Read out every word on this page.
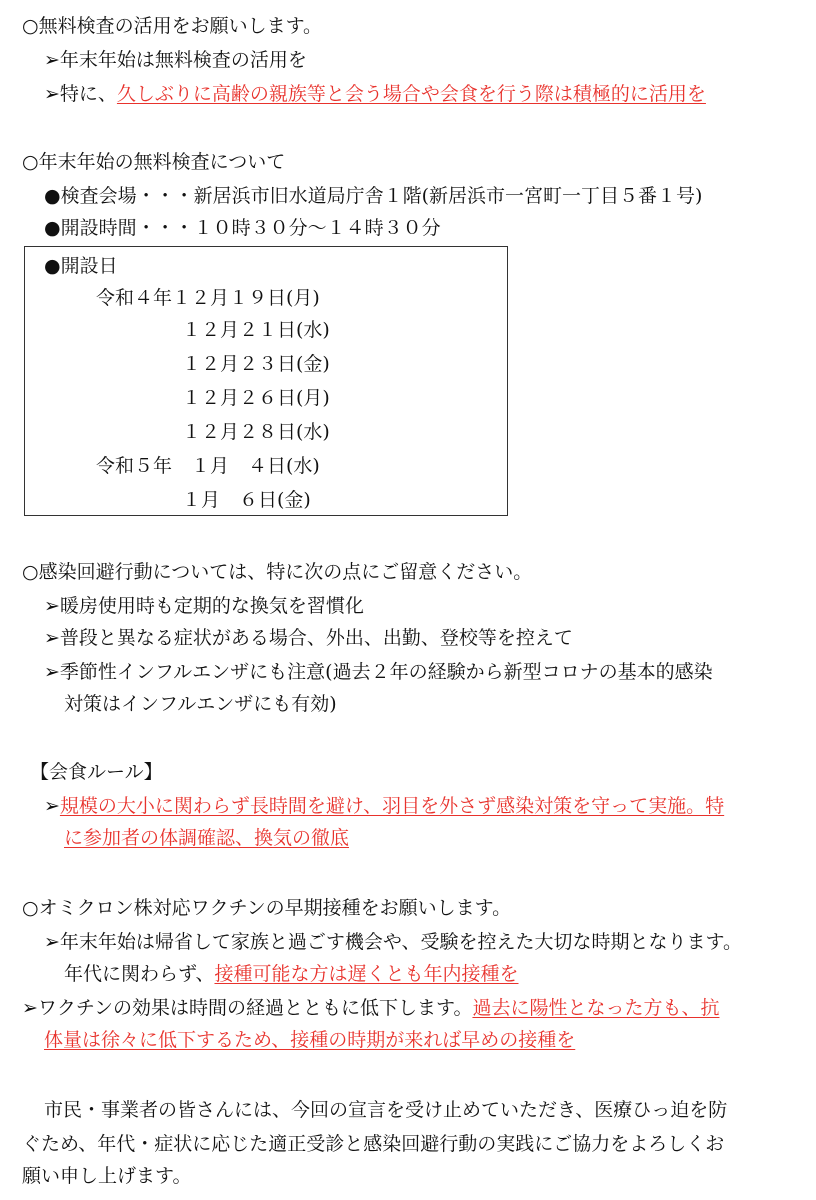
○無料検査の活用をお願いします。
➢年末年始は無料検査の活用を
➢特に、久しぶりに高齢の親族等と会う場合や会食を行う際は積極的に活用を
○年末年始の無料検査について
●検査会場・・・新居浜市旧水道局庁舎１階(新居浜市一宮町一丁目５番１号)
●開設時間・・・１０時３０分〜１４時３０分
●開設日
令和４年１２月１９日(月)
１２月２１日(水)
１２月２３日(金)
１２月２６日(月)
１２月２８日(水)
令和５年　１月　４日(水)
１月　６日(金)
○感染回避行動については、特に次の点にご留意ください。
➢暖房使用時も定期的な換気を習慣化
➢普段と異なる症状がある場合、外出、出勤、登校等を控えて
➢季節性インフルエンザにも注意(過去２年の経験から新型コロナの基本的感染
対策はインフルエンザにも有効)
【会食ルール】
➢規模の大小に関わらず長時間を避け、羽目を外さず感染対策を守って実施。特
に参加者の体調確認、換気の徹底
○オミクロン株対応ワクチンの早期接種をお願いします。
➢年末年始は帰省して家族と過ごす機会や、受験を控えた大切な時期となります。
年代に関わらず、接種可能な方は遅くとも年内接種を
➢ワクチンの効果は時間の経過とともに低下します。過去に陽性となった方も、抗
体量は徐々に低下するため、接種の時期が来れば早めの接種を
市民・事業者の皆さんには、今回の宣言を受け止めていただき、医療ひっ迫を防
ぐため、年代・症状に応じた適正受診と感染回避行動の実践にご協力をよろしくお
願い申し上げます。
